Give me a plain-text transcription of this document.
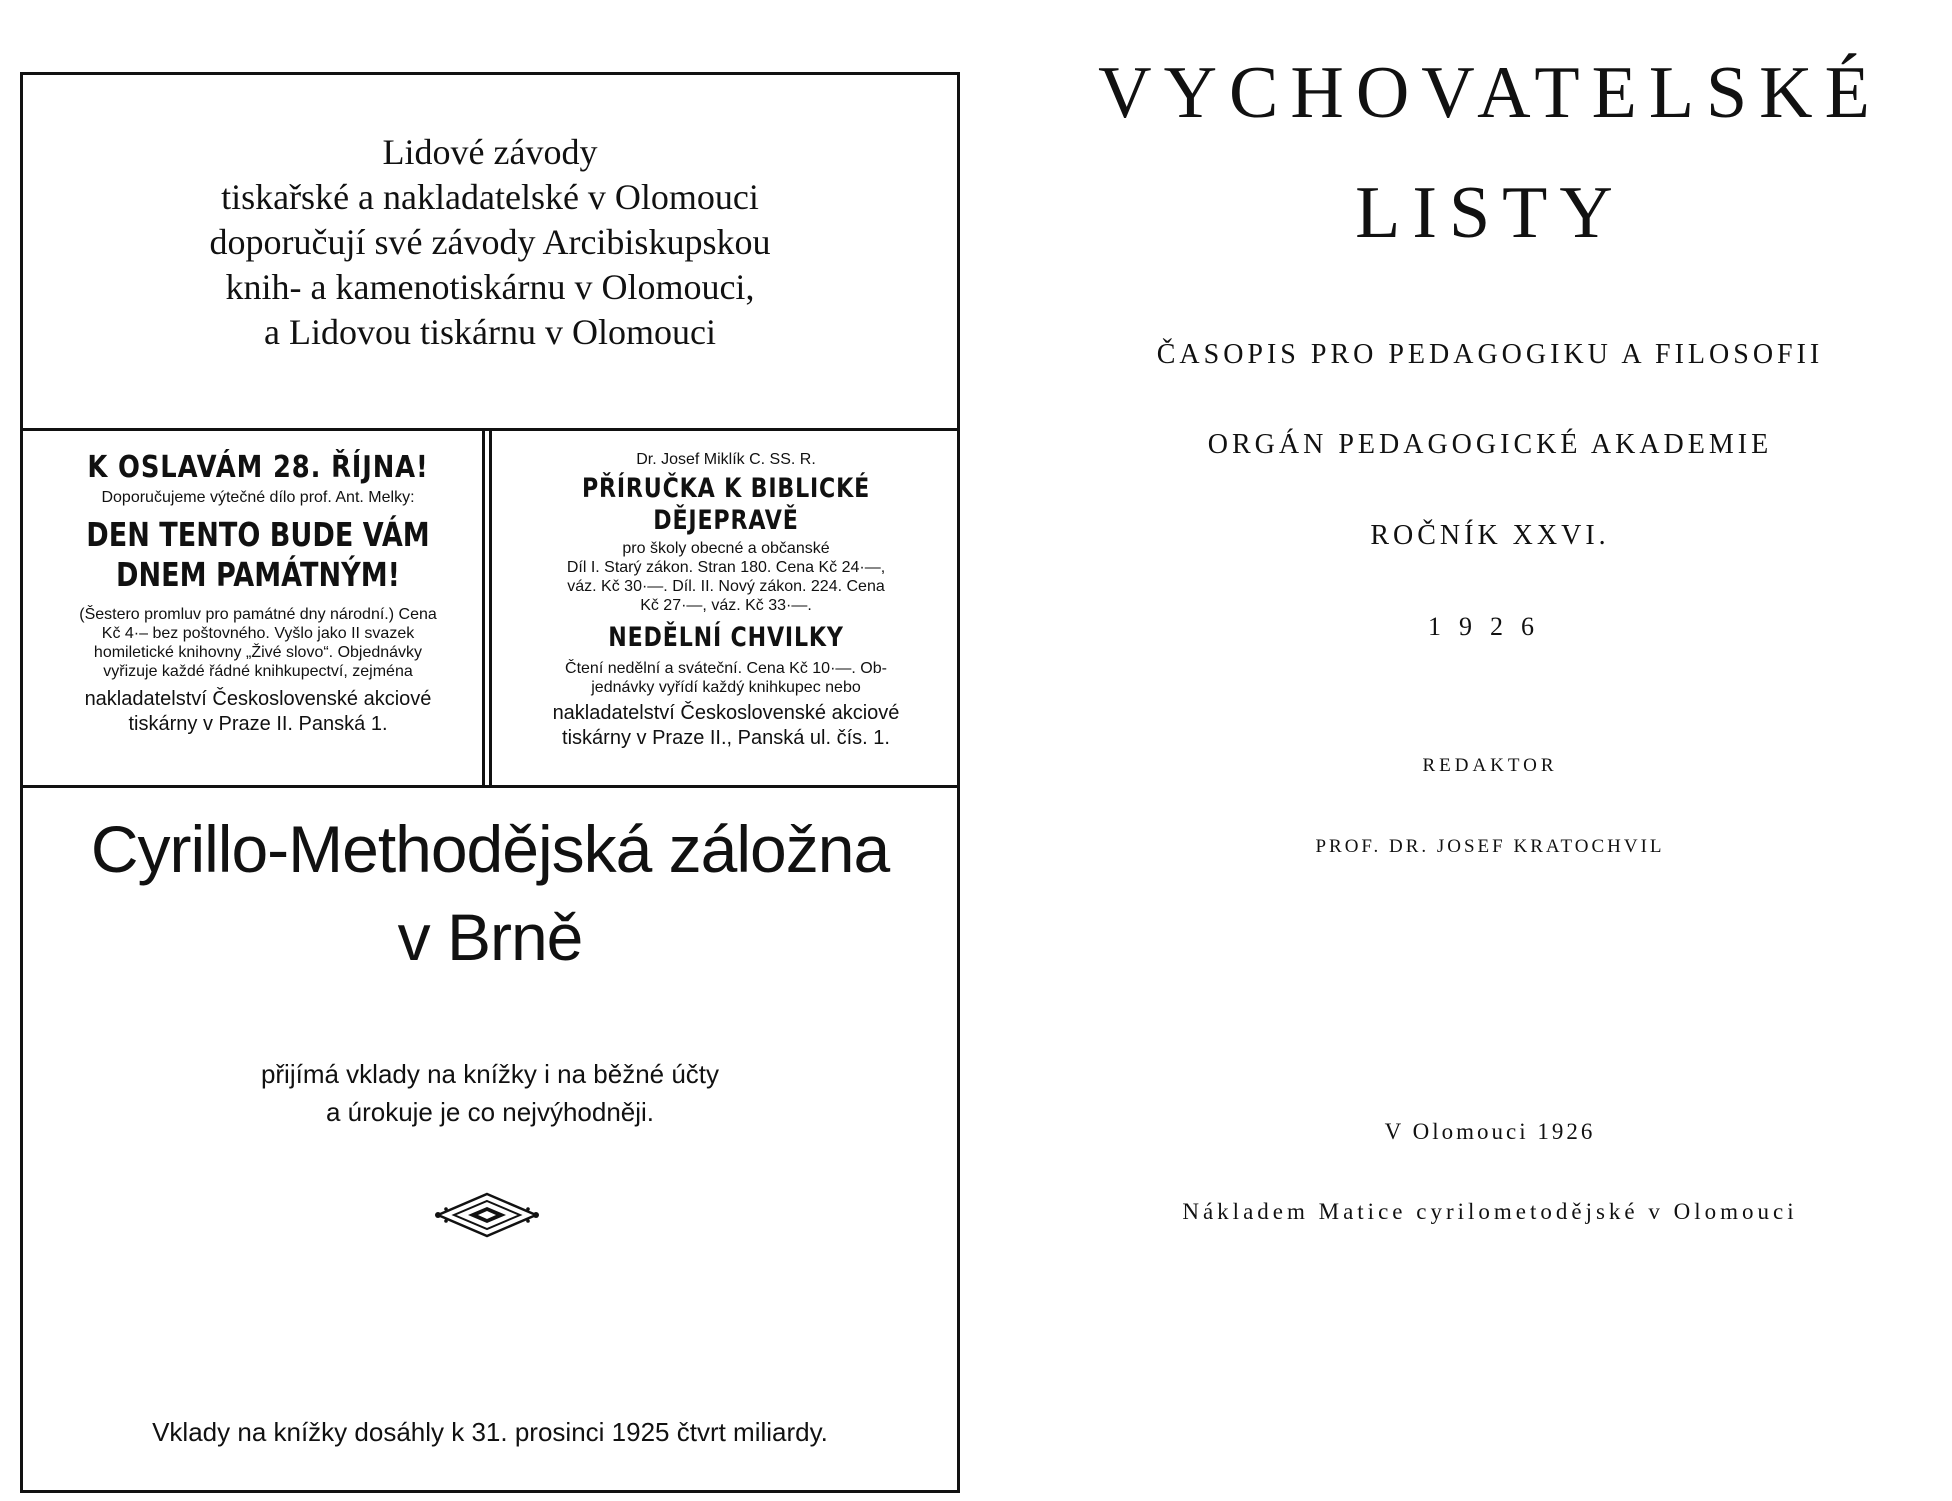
Lidové závody
tiskařské a nakladatelské v Olomouci
doporučují své závody Arcibiskupskou
knih- a kamenotiskárnu v Olomouci,
a Lidovou tiskárnu v Olomouci
K OSLAVÁM 28. ŘÍJNA!
Doporučujeme výtečné dílo prof. Ant. Melky:
DEN TENTO BUDE VÁM
DNEM PAMÁTNÝM!
(Šestero promluv pro památné dny národní.) Cena
Kč 4·– bez poštovného. Vyšlo jako II svazek
homiletické knihovny „Živé slovo“. Objednávky
vyřizuje každé řádné knihkupectví, zejména
nakladatelství Československé akciové
tiskárny v Praze II. Panská 1.
Dr. Josef Miklík C. SS. R.
PŘÍRUČKA K BIBLICKÉ
DĚJEPRAVĚ
pro školy obecné a občanské
Díl I. Starý zákon. Stran 180. Cena Kč 24·—,
váz. Kč 30·—. Díl. II. Nový zákon. 224. Cena
Kč 27·—, váz. Kč 33·—.
NEDĚLNÍ CHVILKY
Čtení nedělní a sváteční. Cena Kč 10·—. Ob-
jednávky vyřídí každý knihkupec nebo
nakladatelství Československé akciové
tiskárny v Praze II., Panská ul. čís. 1.
Cyrillo-Methodějská záložna
v Brně
přijímá vklady na knížky i na běžné účty
a úrokuje je co nejvýhodněji.
Vklady na knížky dosáhly k 31. prosinci 1925 čtvrt miliardy.
VYCHOVATELSKÉ
LISTY
ČASOPIS PRO PEDAGOGIKU A FILOSOFII
ORGÁN PEDAGOGICKÉ AKADEMIE
ROČNÍK XXVI.
1926
REDAKTOR
PROF. DR. JOSEF KRATOCHVIL
V Olomouci 1926
Nákladem Matice cyrilometodějské v Olomouci
